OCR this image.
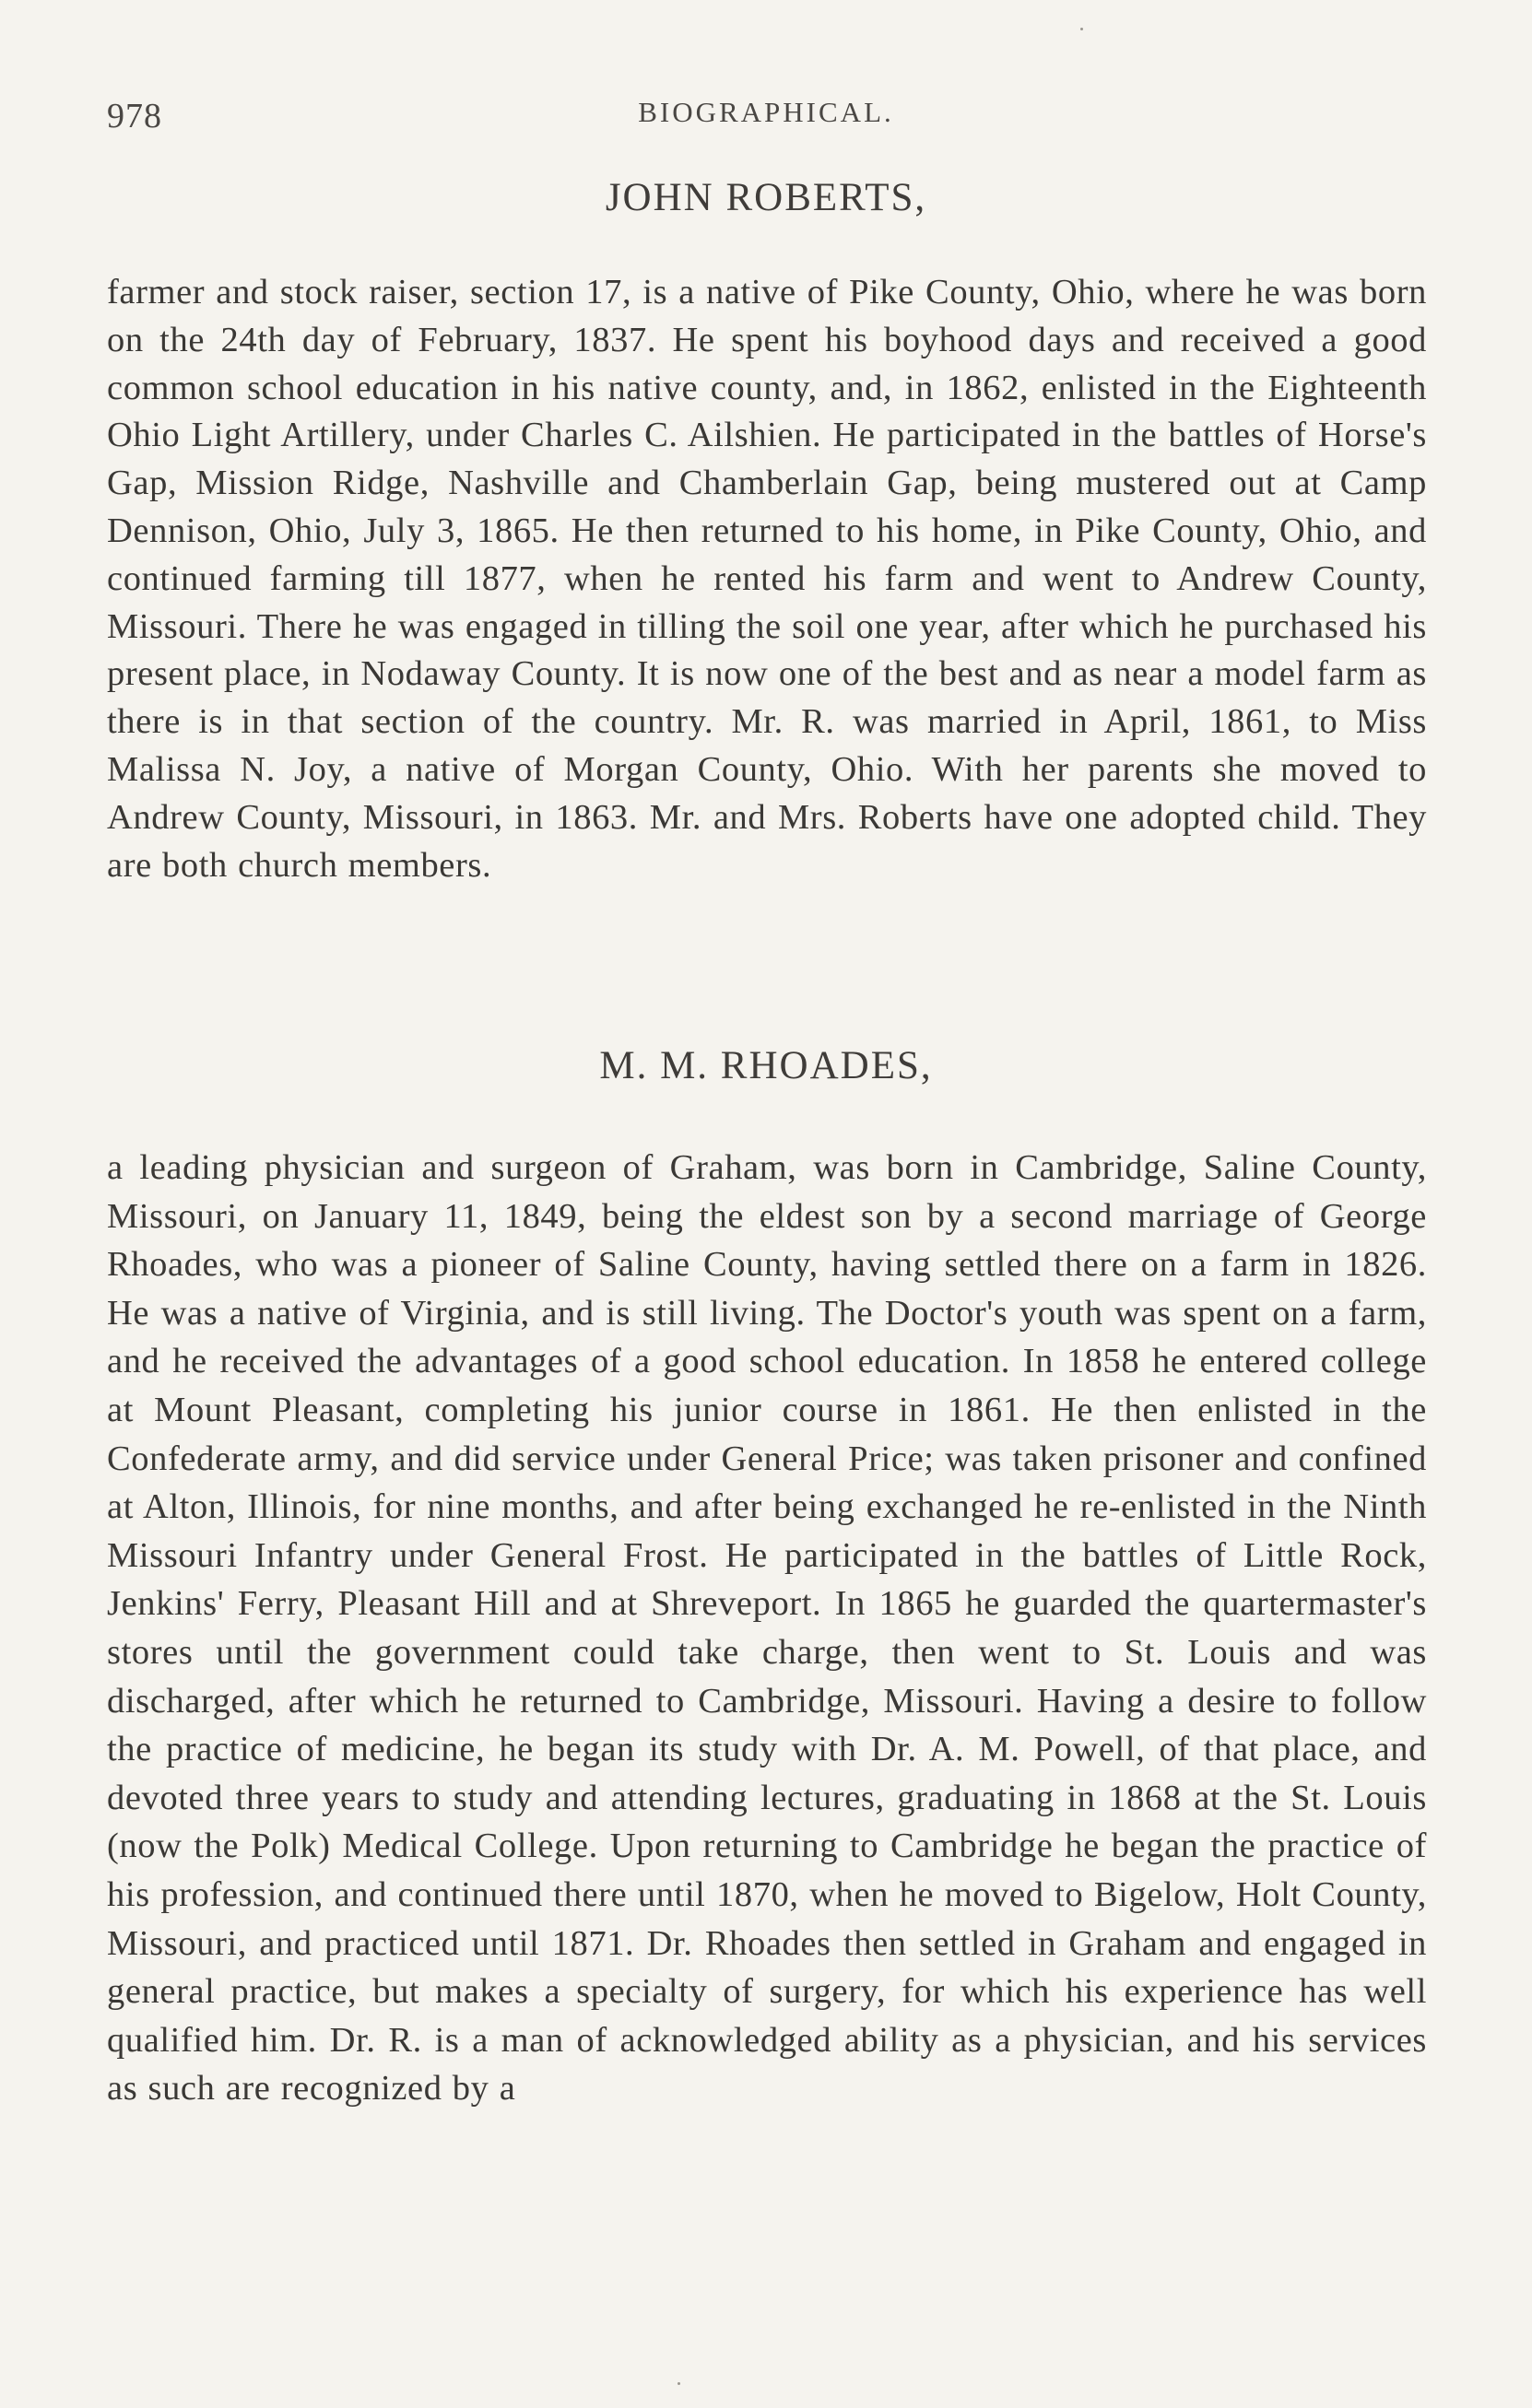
978	BIOGRAPHICAL.
JOHN ROBERTS,
farmer and stock raiser, section 17, is a native of Pike County, Ohio, where he was born on the 24th day of February, 1837. He spent his boyhood days and received a good common school education in his native county, and, in 1862, enlisted in the Eighteenth Ohio Light Artillery, under Charles C. Ailshien. He participated in the battles of Horse's Gap, Mission Ridge, Nashville and Chamberlain Gap, being mustered out at Camp Dennison, Ohio, July 3, 1865. He then returned to his home, in Pike County, Ohio, and continued farming till 1877, when he rented his farm and went to Andrew County, Missouri. There he was engaged in tilling the soil one year, after which he purchased his present place, in Nodaway County. It is now one of the best and as near a model farm as there is in that section of the country. Mr. R. was married in April, 1861, to Miss Malissa N. Joy, a native of Morgan County, Ohio. With her parents she moved to Andrew County, Missouri, in 1863. Mr. and Mrs. Roberts have one adopted child. They are both church members.
M. M. RHOADES,
a leading physician and surgeon of Graham, was born in Cambridge, Saline County, Missouri, on January 11, 1849, being the eldest son by a second marriage of George Rhoades, who was a pioneer of Saline County, having settled there on a farm in 1826. He was a native of Virginia, and is still living. The Doctor's youth was spent on a farm, and he received the advantages of a good school education. In 1858 he entered college at Mount Pleasant, completing his junior course in 1861. He then enlisted in the Confederate army, and did service under General Price; was taken prisoner and confined at Alton, Illinois, for nine months, and after being exchanged he re-enlisted in the Ninth Missouri Infantry under General Frost. He participated in the battles of Little Rock, Jenkins' Ferry, Pleasant Hill and at Shreveport. In 1865 he guarded the quartermaster's stores until the government could take charge, then went to St. Louis and was discharged, after which he returned to Cambridge, Missouri. Having a desire to follow the practice of medicine, he began its study with Dr. A. M. Powell, of that place, and devoted three years to study and attending lectures, graduating in 1868 at the St. Louis (now the Polk) Medical College. Upon returning to Cambridge he began the practice of his profession, and continued there until 1870, when he moved to Bigelow, Holt County, Missouri, and practiced until 1871. Dr. Rhoades then settled in Graham and engaged in general practice, but makes a specialty of surgery, for which his experience has well qualified him. Dr. R. is a man of acknowledged ability as a physician, and his services as such are recognized by a
